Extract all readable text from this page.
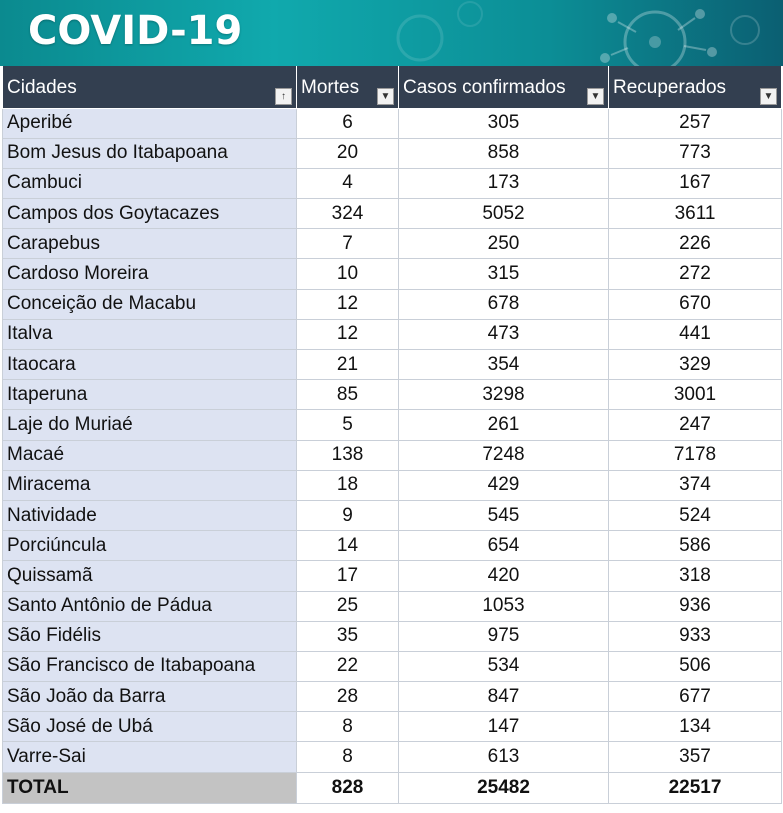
COVID-19
Cidades ↑	Mortes ▼	Casos confirmados ▼	Recuperados ▼

Aperibé	6	305	257
Bom Jesus do Itabapoana	20	858	773
Cambuci	4	173	167
Campos dos Goytacazes	324	5052	3611
Carapebus	7	250	226
Cardoso Moreira	10	315	272
Conceição de Macabu	12	678	670
Italva	12	473	441
Itaocara	21	354	329
Itaperuna	85	3298	3001
Laje do Muriaé	5	261	247
Macaé	138	7248	7178
Miracema	18	429	374
Natividade	9	545	524
Porciúncula	14	654	586
Quissamã	17	420	318
Santo Antônio de Pádua	25	1053	936
São Fidélis	35	975	933
São Francisco de Itabapoana	22	534	506
São João da Barra	28	847	677
São José de Ubá	8	147	134
Varre-Sai	8	613	357
TOTAL	828	25482	22517
